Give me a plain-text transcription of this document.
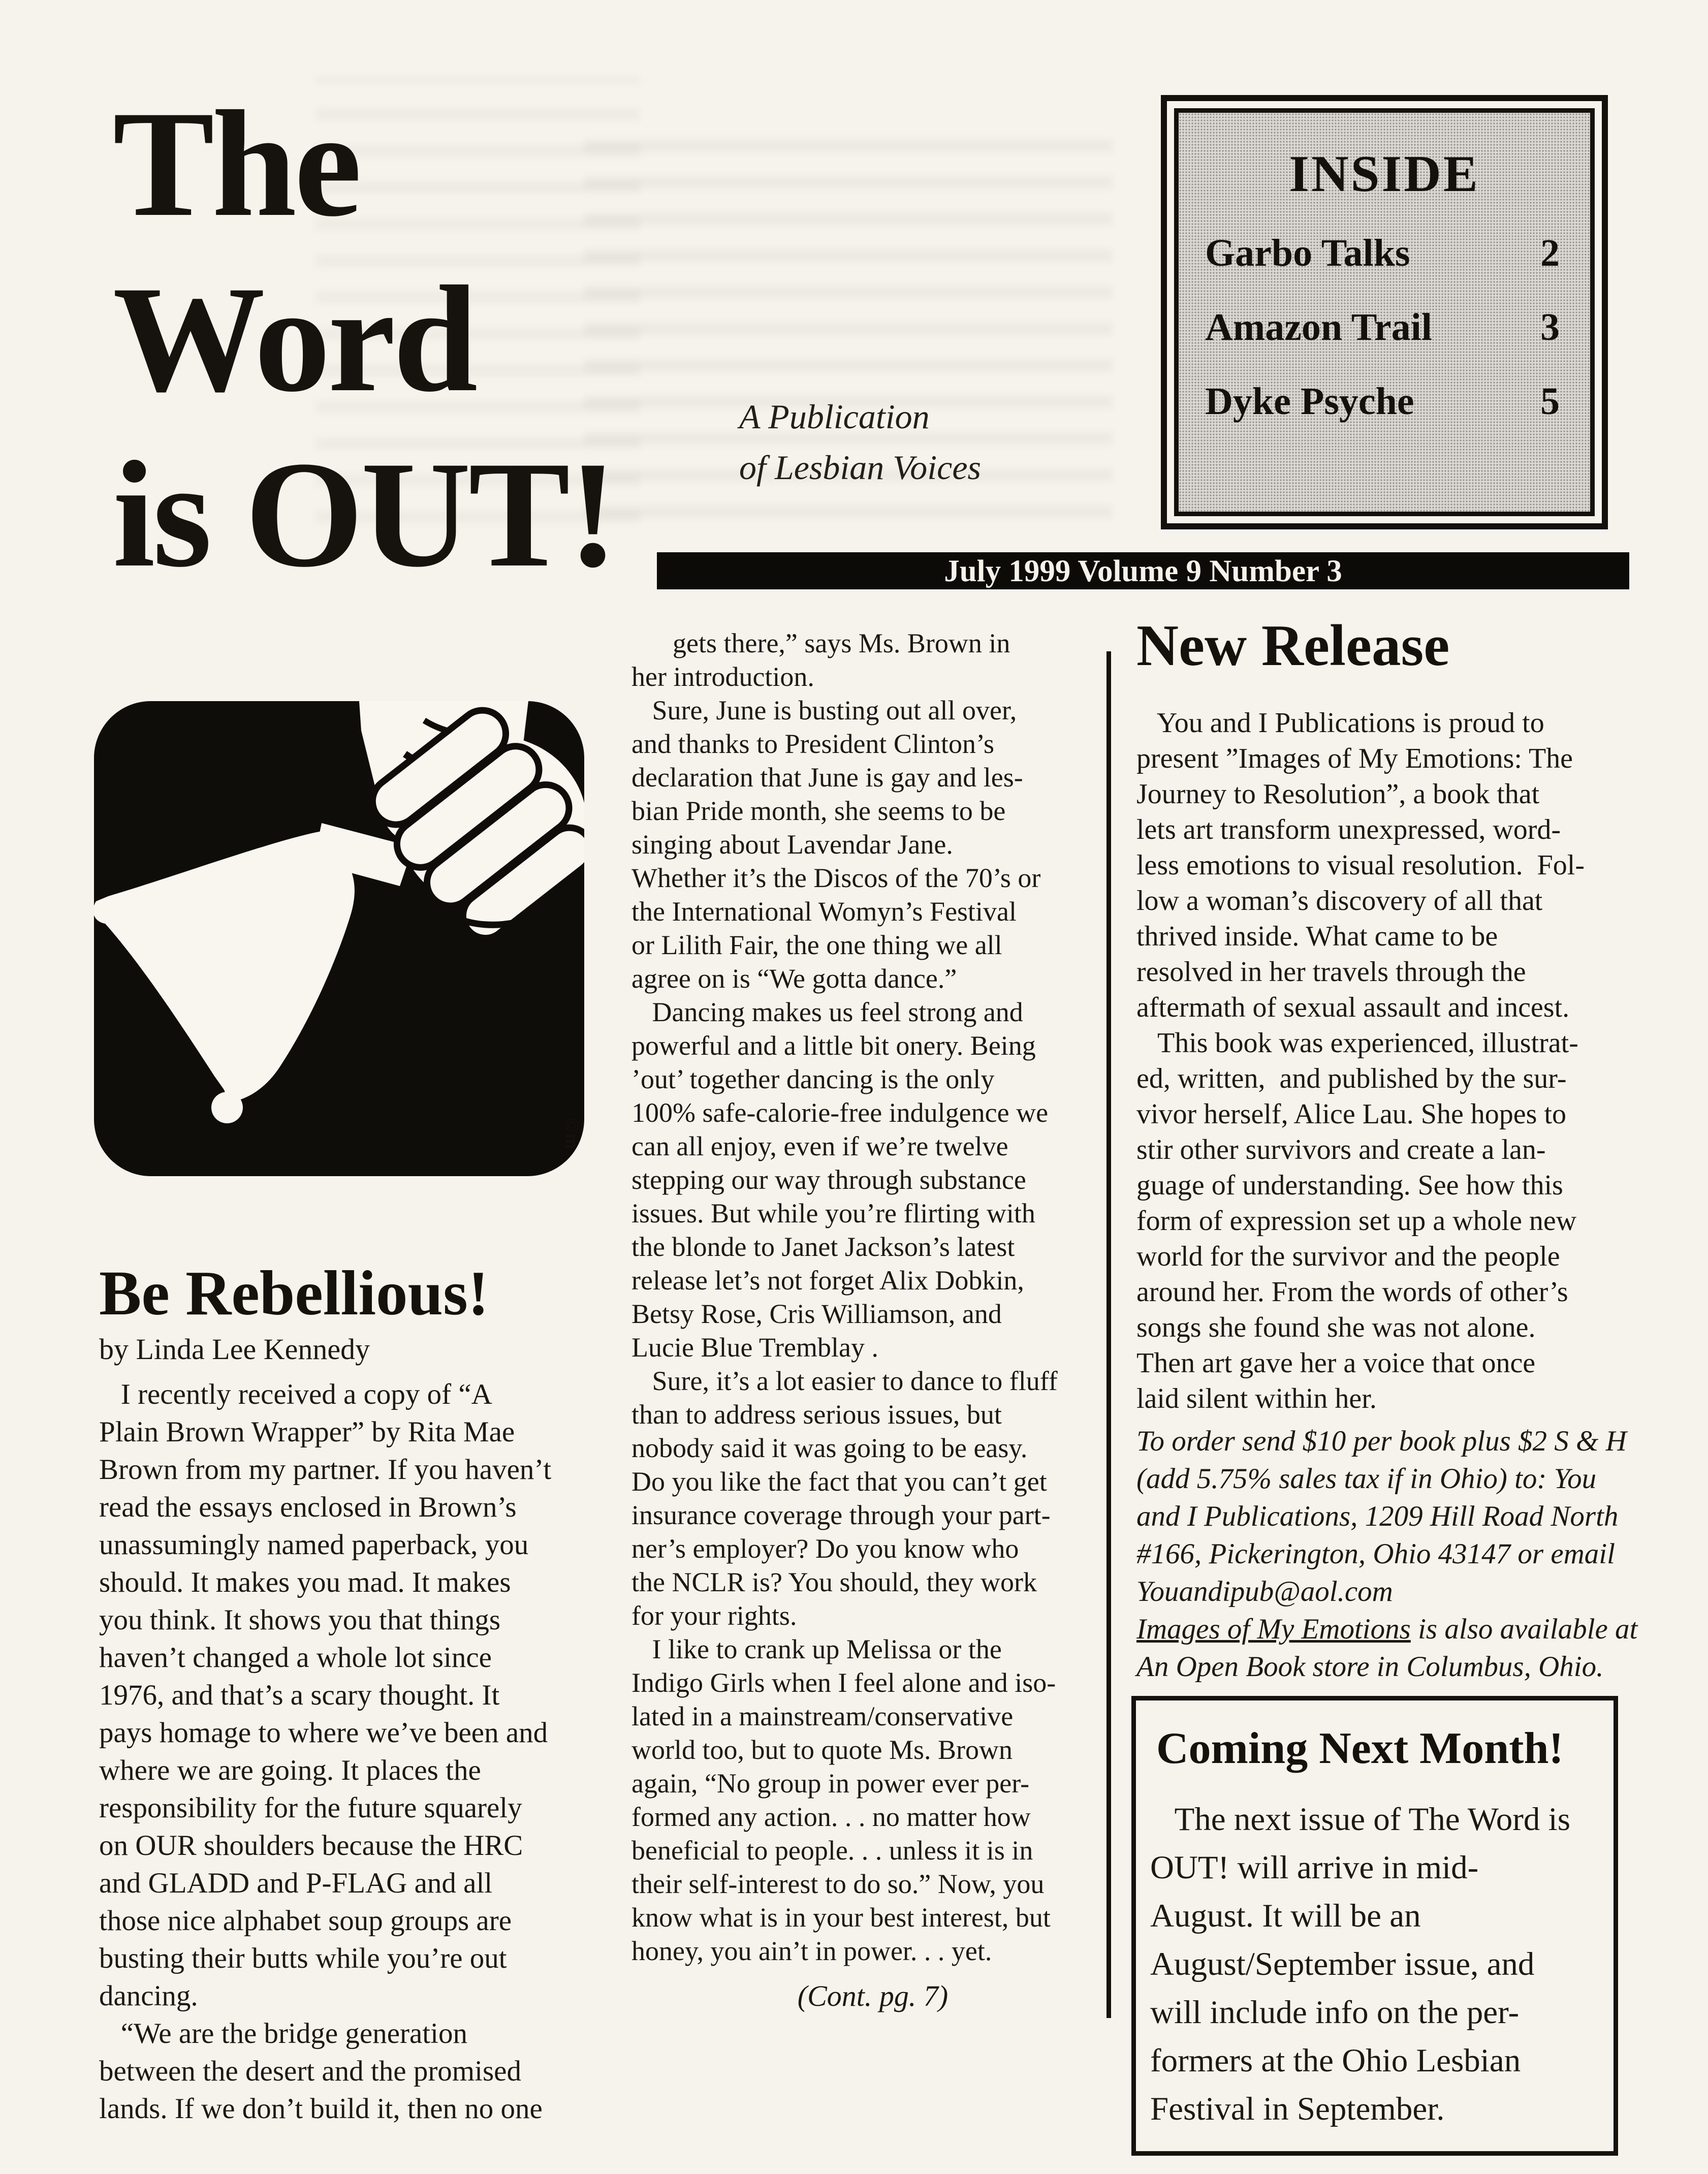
The
Word
is OUT!
A Publication
of Lesbian Voices
INSIDE
Garbo Talks	2
Amazon Trail	3
Dyke Psyche	5
July 1999 Volume 9 Number 3
©m
Be Rebellious!
by Linda Lee Kennedy
I recently received a copy of “A
Plain Brown Wrapper” by Rita Mae
Brown from my partner. If you haven’t
read the essays enclosed in Brown’s
unassumingly named paperback, you
should. It makes you mad. It makes
you think. It shows you that things
haven’t changed a whole lot since
1976, and that’s a scary thought. It
pays homage to where we’ve been and
where we are going. It places the
responsibility for the future squarely
on OUR shoulders because the HRC
and GLADD and P-FLAG and all
those nice alphabet soup groups are
busting their butts while you’re out
dancing.
“We are the bridge generation
between the desert and the promised
lands. If we don’t build it, then no one
gets there,” says Ms. Brown in
her introduction.
Sure, June is busting out all over,
and thanks to President Clinton’s
declaration that June is gay and les-
bian Pride month, she seems to be
singing about Lavendar Jane.
Whether it’s the Discos of the 70’s or
the International Womyn’s Festival
or Lilith Fair, the one thing we all
agree on is “We gotta dance.”
Dancing makes us feel strong and
powerful and a little bit onery. Being
’out’ together dancing is the only
100% safe-calorie-free indulgence we
can all enjoy, even if we’re twelve
stepping our way through substance
issues. But while you’re flirting with
the blonde to Janet Jackson’s latest
release let’s not forget Alix Dobkin,
Betsy Rose, Cris Williamson, and
Lucie Blue Tremblay .
Sure, it’s a lot easier to dance to fluff
than to address serious issues, but
nobody said it was going to be easy.
Do you like the fact that you can’t get
insurance coverage through your part-
ner’s employer? Do you know who
the NCLR is? You should, they work
for your rights.
I like to crank up Melissa or the
Indigo Girls when I feel alone and iso-
lated in a mainstream/conservative
world too, but to quote Ms. Brown
again, “No group in power ever per-
formed any action. . . no matter how
beneficial to people. . . unless it is in
their self-interest to do so.” Now, you
know what is in your best interest, but
honey, you ain’t in power. . . yet.
(Cont. pg. 7)
New Release
You and I Publications is proud to
present ”Images of My Emotions: The
Journey to Resolution”, a book that
lets art transform unexpressed, word-
less emotions to visual resolution.  Fol-
low a woman’s discovery of all that
thrived inside. What came to be
resolved in her travels through the
aftermath of sexual assault and incest.
This book was experienced, illustrat-
ed, written,  and published by the sur-
vivor herself, Alice Lau. She hopes to
stir other survivors and create a lan-
guage of understanding. See how this
form of expression set up a whole new
world for the survivor and the people
around her. From the words of other’s
songs she found she was not alone.
Then art gave her a voice that once
laid silent within her.
To order send $10 per book plus $2 S & H
(add 5.75% sales tax if in Ohio) to: You
and I Publications, 1209 Hill Road North
#166, Pickerington, Ohio 43147 or email
Youandipub@aol.com
Images of My Emotions is also available at
An Open Book store in Columbus, Ohio.
Coming Next Month!
The next issue of The Word is
OUT! will arrive in mid-
August. It will be an
August/September issue, and
will include info on the per-
formers at the Ohio Lesbian
Festival in September.
